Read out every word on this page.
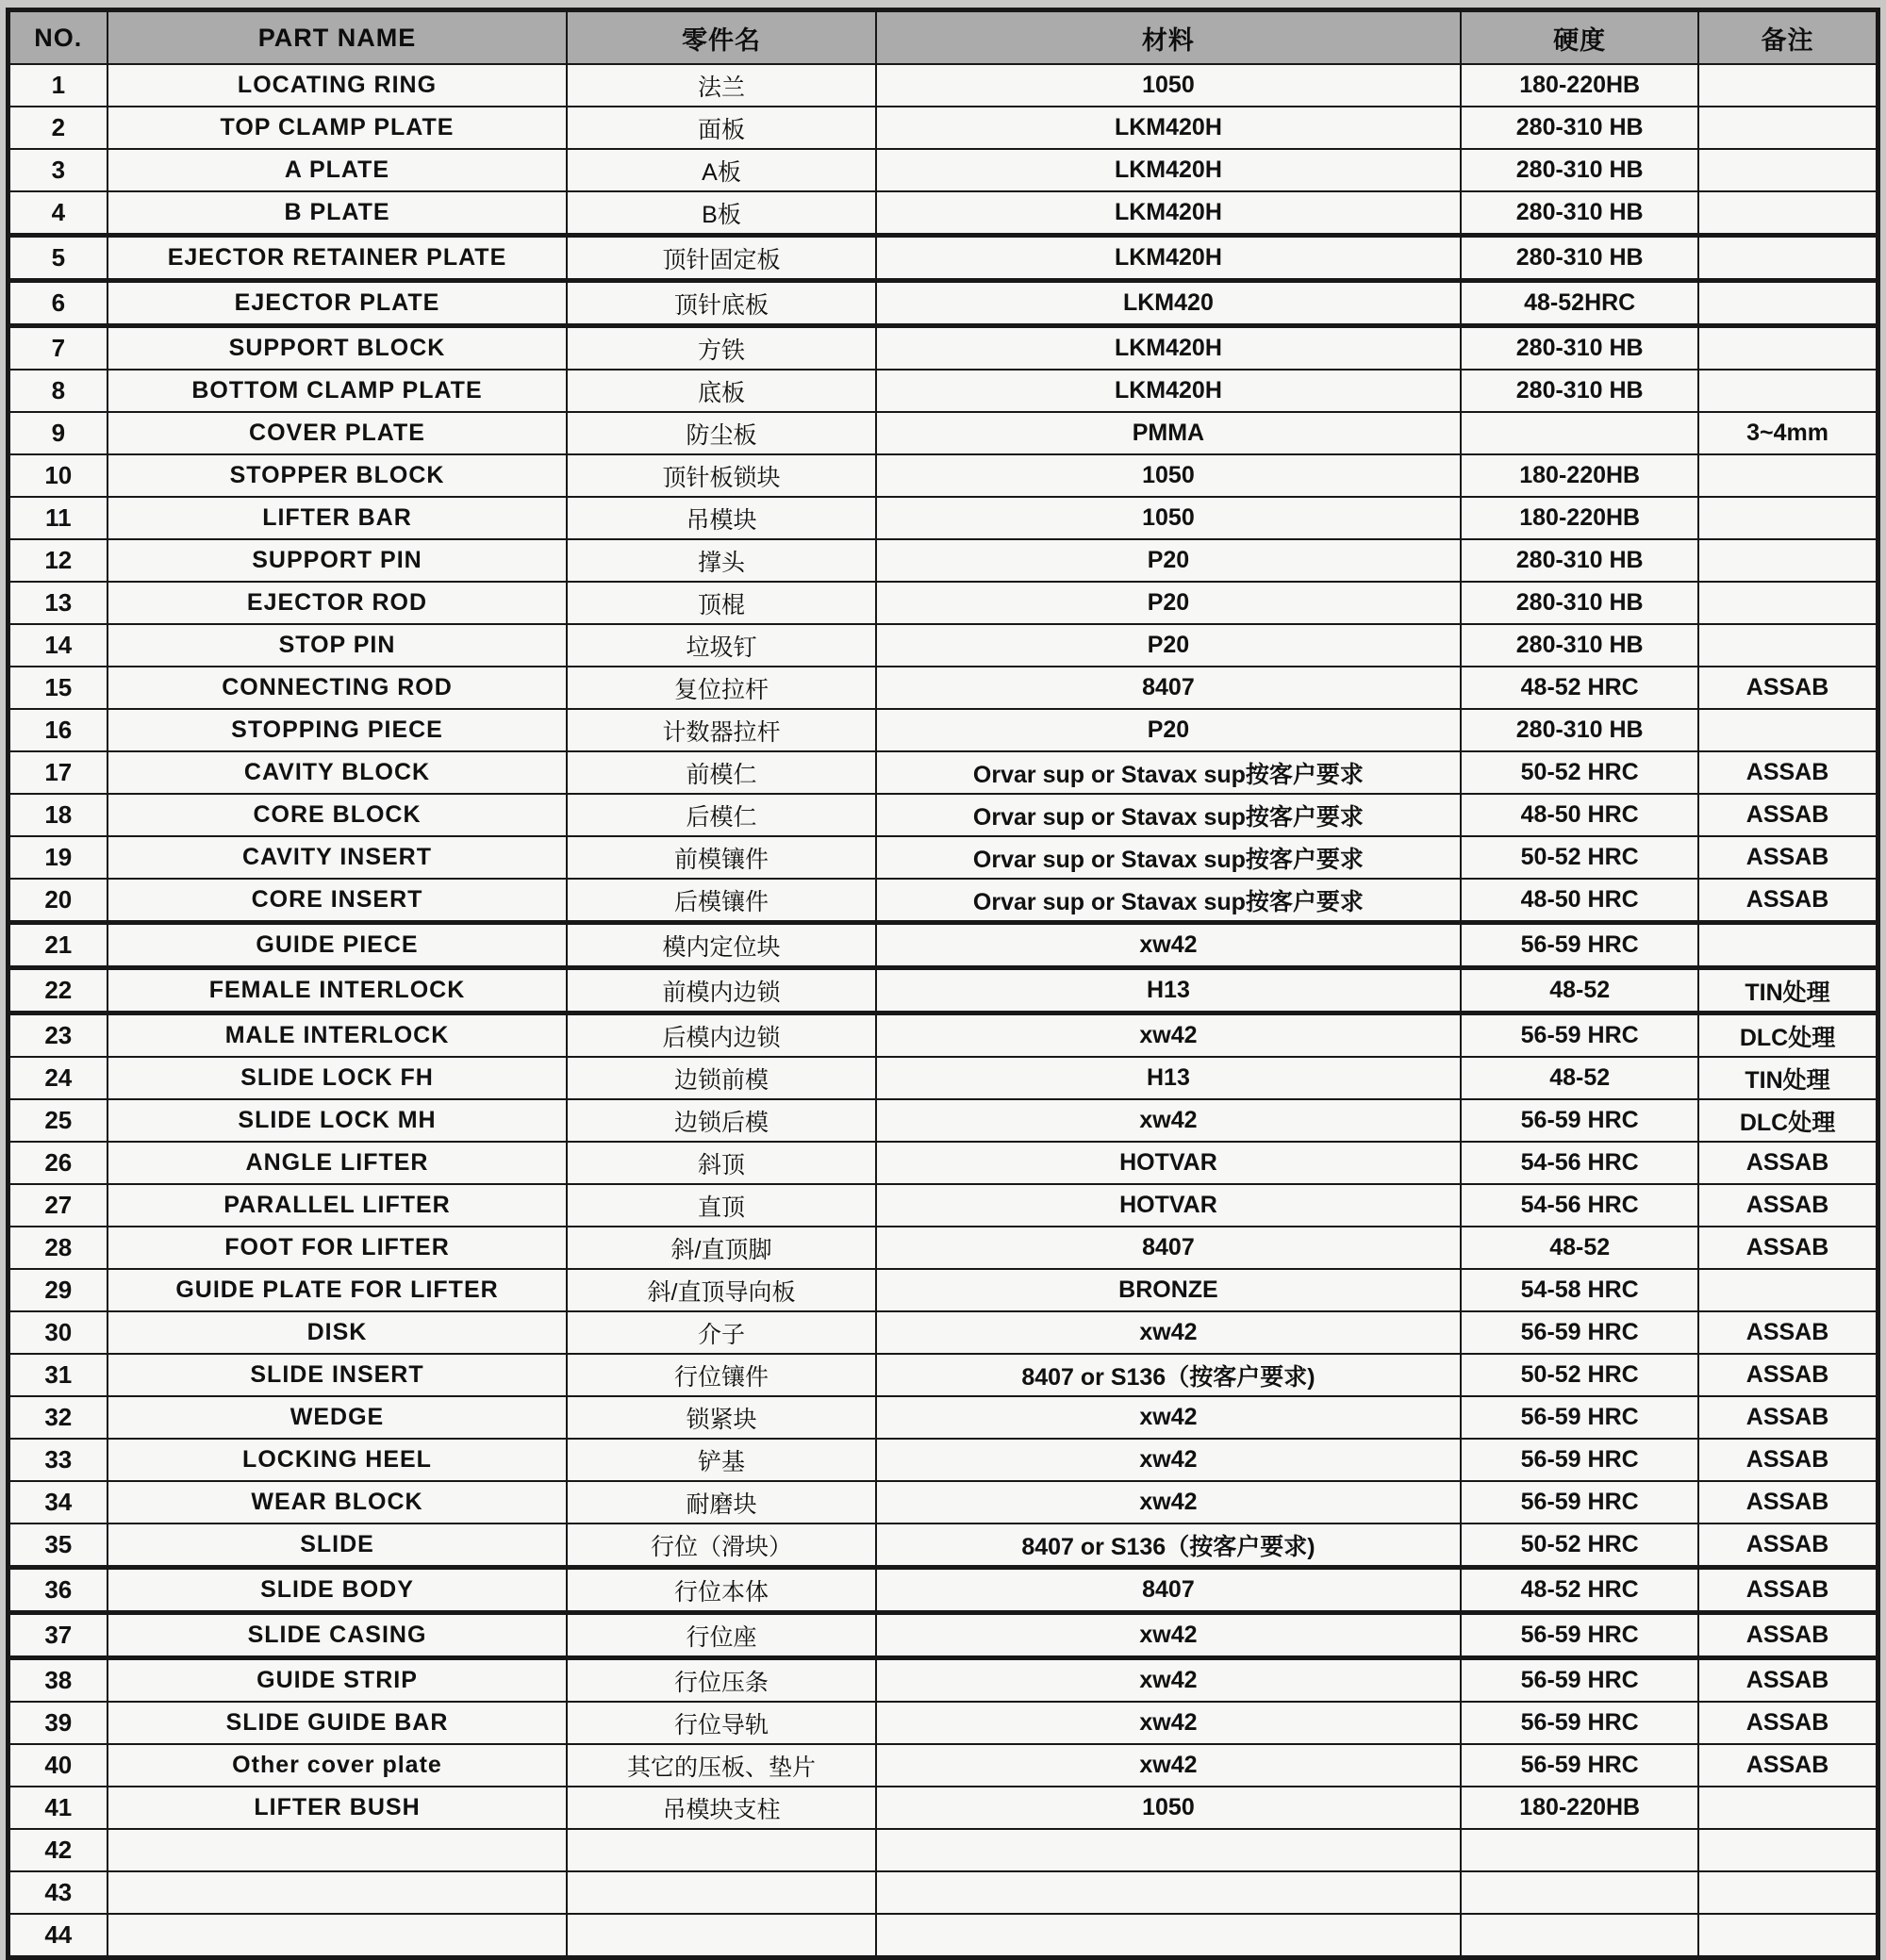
NO.	PART NAME	零件名	材料	硬度	备注
1	LOCATING RING	法兰	1050	180-220HB	
2	TOP CLAMP PLATE	面板	LKM420H	280-310 HB	
3	A PLATE	A板	LKM420H	280-310 HB	
4	B PLATE	B板	LKM420H	280-310 HB	
5	EJECTOR RETAINER PLATE	顶针固定板	LKM420H	280-310 HB	
6	EJECTOR PLATE	顶针底板	LKM420	48-52HRC	
7	SUPPORT BLOCK	方铁	LKM420H	280-310 HB	
8	BOTTOM CLAMP PLATE	底板	LKM420H	280-310 HB	
9	COVER PLATE	防尘板	PMMA		3~4mm
10	STOPPER BLOCK	顶针板锁块	1050	180-220HB	
11	LIFTER BAR	吊模块	1050	180-220HB	
12	SUPPORT PIN	撑头	P20	280-310 HB	
13	EJECTOR ROD	顶棍	P20	280-310 HB	
14	STOP PIN	垃圾钉	P20	280-310 HB	
15	CONNECTING ROD	复位拉杆	8407	48-52 HRC	ASSAB
16	STOPPING PIECE	计数器拉杆	P20	280-310 HB	
17	CAVITY BLOCK	前模仁	Orvar sup or Stavax sup按客户要求	50-52 HRC	ASSAB
18	CORE BLOCK	后模仁	Orvar sup or Stavax sup按客户要求	48-50 HRC	ASSAB
19	CAVITY INSERT	前模镶件	Orvar sup or Stavax sup按客户要求	50-52 HRC	ASSAB
20	CORE INSERT	后模镶件	Orvar sup or Stavax sup按客户要求	48-50 HRC	ASSAB
21	GUIDE PIECE	模内定位块	xw42	56-59 HRC	
22	FEMALE INTERLOCK	前模内边锁	H13	48-52	TIN处理
23	MALE INTERLOCK	后模内边锁	xw42	56-59 HRC	DLC处理
24	SLIDE LOCK FH	边锁前模	H13	48-52	TIN处理
25	SLIDE LOCK MH	边锁后模	xw42	56-59 HRC	DLC处理
26	ANGLE LIFTER	斜顶	HOTVAR	54-56 HRC	ASSAB
27	PARALLEL LIFTER	直顶	HOTVAR	54-56 HRC	ASSAB
28	FOOT FOR LIFTER	斜/直顶脚	8407	48-52	ASSAB
29	GUIDE PLATE FOR LIFTER	斜/直顶导向板	BRONZE	54-58 HRC	
30	DISK	介子	xw42	56-59 HRC	ASSAB
31	SLIDE INSERT	行位镶件	8407 or S136（按客户要求)	50-52 HRC	ASSAB
32	WEDGE	锁紧块	xw42	56-59 HRC	ASSAB
33	LOCKING HEEL	铲基	xw42	56-59 HRC	ASSAB
34	WEAR BLOCK	耐磨块	xw42	56-59 HRC	ASSAB
35	SLIDE	行位（滑块）	8407 or S136（按客户要求)	50-52 HRC	ASSAB
36	SLIDE BODY	行位本体	8407	48-52 HRC	ASSAB
37	SLIDE CASING	行位座	xw42	56-59 HRC	ASSAB
38	GUIDE STRIP	行位压条	xw42	56-59 HRC	ASSAB
39	SLIDE GUIDE BAR	行位导轨	xw42	56-59 HRC	ASSAB
40	Other cover plate	其它的压板、垫片	xw42	56-59 HRC	ASSAB
41	LIFTER BUSH	吊模块支柱	1050	180-220HB	
42					
43					
44					
